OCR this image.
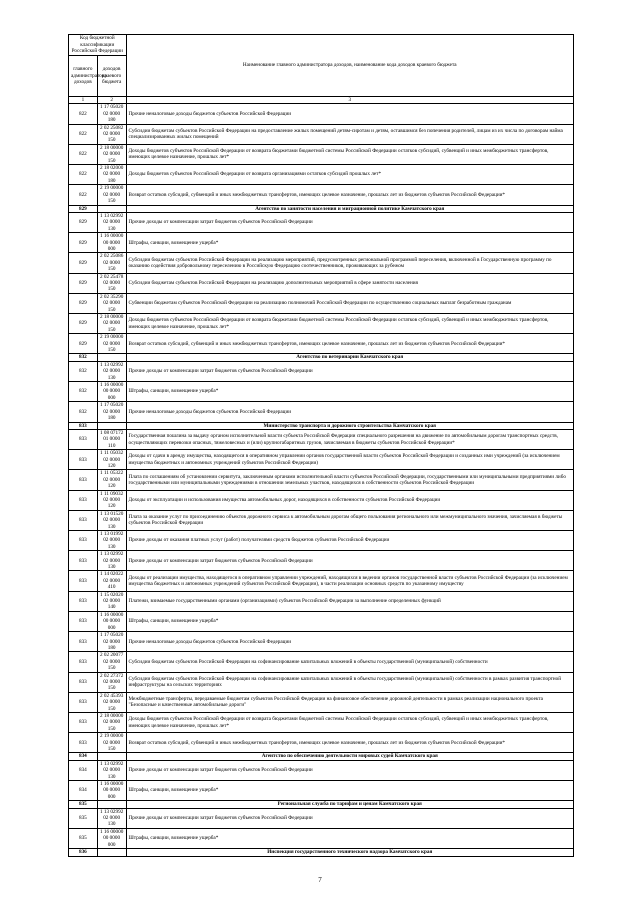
Код бюджетной классификации Российской Федерации		Наименование главного администратора доходов, наименование кода доходов краевого бюджета
главного администратора доходов	доходов краевого бюджета	
1	2	3
822	1 17 05020 02 0000 180	Прочие неналоговые доходы бюджетов субъектов Российской Федерации
822	2 02 25082 02 0000 150	Субсидии бюджетам субъектов Российской Федерации на предоставление жилых помещений детям-сиротам и детям, оставшимся без попечения родителей, лицам из их числа по договорам найма специализированных жилых помещений
822	2 18 00000 02 0000 150	Доходы бюджетов субъектов Российской Федерации от возврата бюджетами бюджетной системы Российской Федерации остатков субсидий, субвенций и иных межбюджетных трансфертов, имеющих целевое назначение, прошлых лет*
822	2 18 02000 02 0000 180	Доходы бюджетов субъектов Российской Федерации от возврата организациями остатков субсидий прошлых лет*
822	2 19 00000 02 0000 150	Возврат остатков субсидий, субвенций и иных межбюджетных трансфертов, имеющих целевое назначение, прошлых лет из бюджетов субъектов Российской Федерации*
829		Агентство по занятости населения и миграционной политике Камчатского края
829	1 13 02992 02 0000 130	Прочие доходы от компенсации затрат бюджетов субъектов Российской Федерации
829	1 16 00000 00 0000 000	Штрафы, санкции, возмещение ущерба*
829	2 02 25086 02 0000 150	Субсидии бюджетам субъектов Российской Федерации на реализацию мероприятий, предусмотренных региональной программой переселения, включенной в Государственную программу по оказанию содействия добровольному переселению в Российскую Федерацию соотечественников, проживающих за рубежом
829	2 02 25478 02 0000 150	Субсидии бюджетам субъектов Российской Федерации на реализацию дополнительных мероприятий в сфере занятости населения
829	2 02 35290 02 0000 150	Субвенции бюджетам субъектов Российской Федерации на реализацию полномочий Российской Федерации по осуществлению социальных выплат безработным гражданам
829	2 18 00000 02 0000 150	Доходы бюджетов субъектов Российской Федерации от возврата бюджетами бюджетной системы Российской Федерации остатков субсидий, субвенций и иных межбюджетных трансфертов, имеющих целевое назначение, прошлых лет*
829	2 19 00000 02 0000 150	Возврат остатков субсидий, субвенций и иных межбюджетных трансфертов, имеющих целевое назначение, прошлых лет из бюджетов субъектов Российской Федерации*
832		Агентство по ветеринарии Камчатского края
832	1 13 02992 02 0000 130	Прочие доходы от компенсации затрат бюджетов субъектов Российской Федерации
832	1 16 00000 00 0000 000	Штрафы, санкции, возмещение ущерба*
832	1 17 05020 02 0000 180	Прочие неналоговые доходы бюджетов субъектов Российской Федерации
833		Министерство транспорта и дорожного строительства Камчатского края
833	1 08 07172 01 0000 110	Государственная пошлина за выдачу органом исполнительной власти субъекта Российской Федерации специального разрешения на движение по автомобильным дорогам транспортных средств, осуществляющих перевозки опасных, тяжеловесных и (или) крупногабаритных грузов, зачисляемая в бюджеты субъектов Российской Федерации*
833	1 11 05032 02 0000 120	Доходы от сдачи в аренду имущества, находящегося в оперативном управлении органов государственной власти субъектов Российской Федерации и созданных ими учреждений (за исключением имущества бюджетных и автономных учреждений субъектов Российской Федерации)
833	1 11 05322 02 0000 120	Плата по соглашениям об установлении сервитута, заключенным органами исполнительной власти субъектов Российской Федерации, государственными или муниципальными предприятиями либо государственными или муниципальными учреждениями в отношении земельных участков, находящихся в собственности субъектов Российской Федерации
833	1 11 09032 02 0000 120	Доходы от эксплуатации и использования имущества автомобильных дорог, находящихся в собственности субъектов Российской Федерации
833	1 13 01520 02 0000 130	Плата за оказание услуг по присоединению объектов дорожного сервиса к автомобильным дорогам общего пользования регионального или межмуниципального значения, зачисляемая в бюджеты субъектов Российской Федерации
833	1 13 01992 02 0000 130	Прочие доходы от оказания платных услуг (работ) получателями средств бюджетов субъектов Российской Федерации
833	1 13 02992 02 0000 130	Прочие доходы от компенсации затрат бюджетов субъектов Российской Федерации
833	1 14 02022 02 0000 410	Доходы от реализации имущества, находящегося в оперативном управлении учреждений, находящихся в ведении органов государственной власти субъектов Российской Федерации (за исключением имущества бюджетных и автономных учреждений субъектов Российской Федерации), в части реализации основных средств по указанному имуществу
833	1 15 02020 02 0000 140	Платежи, взимаемые государственными органами (организациями) субъектов Российской Федерации за выполнение определенных функций
833	1 16 00000 00 0000 000	Штрафы, санкции, возмещение ущерба*
833	1 17 05020 02 0000 180	Прочие неналоговые доходы бюджетов субъектов Российской Федерации
833	2 02 20077 02 0000 150	Субсидии бюджетам субъектов Российской Федерации на софинансирование капитальных вложений в объекты государственной (муниципальной) собственности
833	2 02 27372 02 0000 150	Субсидии бюджетам субъектов Российской Федерации на софинансирование капитальных вложений в объекты государственной (муниципальной) собственности в рамках развития транспортной инфраструктуры на сельских территориях
833	2 02 45393 02 0000 150	Межбюджетные трансферты, передаваемые бюджетам субъектов Российской Федерации на финансовое обеспечение дорожной деятельности в рамках реализации национального проекта "Безопасные и качественные автомобильные дороги"
833	2 18 00000 02 0000 150	Доходы бюджетов субъектов Российской Федерации от возврата бюджетами бюджетной системы Российской Федерации остатков субсидий, субвенций и иных межбюджетных трансфертов, имеющих целевое назначение, прошлых лет*
833	2 19 00000 02 0000 150	Возврат остатков субсидий, субвенций и иных межбюджетных трансфертов, имеющих целевое назначение, прошлых лет из бюджетов субъектов Российской Федерации*
834		Агентство по обеспечению деятельности мировых судей Камчатского края
834	1 13 02992 02 0000 130	Прочие доходы от компенсации затрат бюджетов субъектов Российской Федерации
834	1 16 00000 00 0000 000	Штрафы, санкции, возмещение ущерба*
835		Региональная служба по тарифам и ценам Камчатского края
835	1 13 02992 02 0000 130	Прочие доходы от компенсации затрат бюджетов субъектов Российской Федерации
835	1 16 00000 00 0000 000	Штрафы, санкции, возмещение ущерба*
836		Инспекция государственного технического надзора Камчатского края
7
